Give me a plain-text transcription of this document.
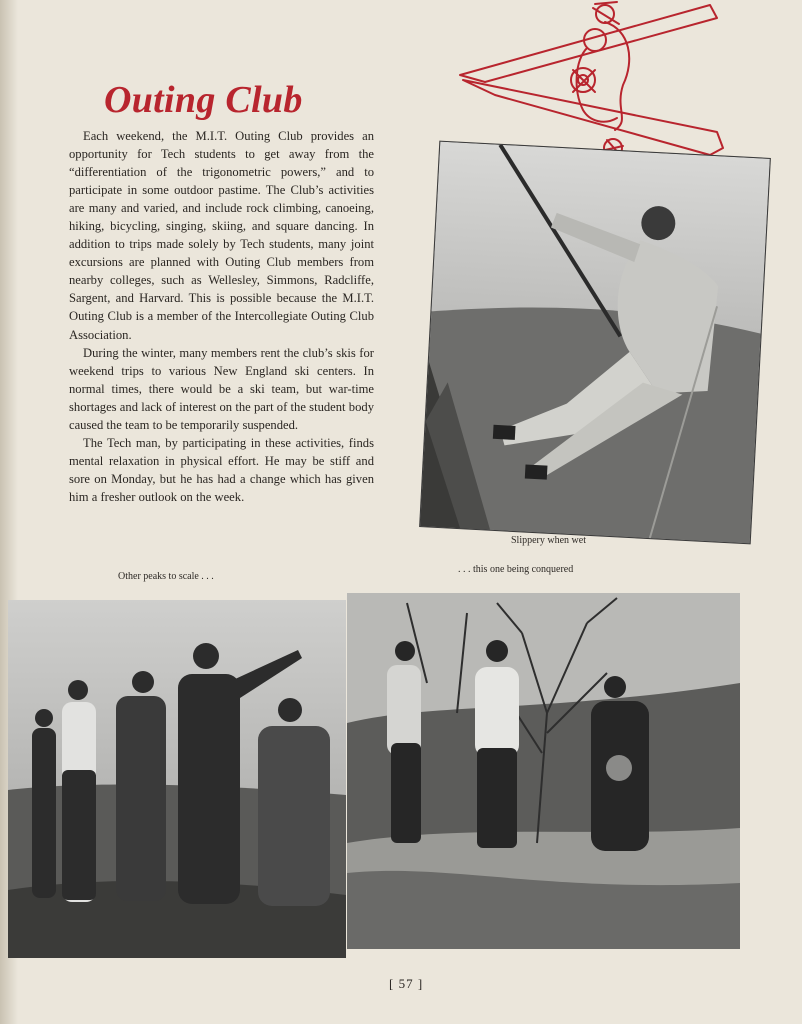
Outing Club

Each weekend, the M.I.T. Outing Club provides an opportunity for Tech students to get away from the “differentiation of the trigonometric powers,” and to participate in some outdoor pastime. The Club’s activities are many and varied, and include rock climbing, canoeing, hiking, bicycling, singing, skiing, and square dancing. In addition to trips made solely by Tech students, many joint excursions are planned with Outing Club members from nearby colleges, such as Wellesley, Simmons, Radcliffe, Sargent, and Harvard. This is possible because the M.I.T. Outing Club is a member of the Intercollegiate Outing Club Association.

During the winter, many members rent the club’s skis for weekend trips to various New England ski centers. In normal times, there would be a ski team, but war-time shortages and lack of interest on the part of the student body caused the team to be temporarily suspended.

The Tech man, by participating in these activities, finds mental relaxation in physical effort. He may be stiff and sore on Monday, but he has had a change which has given him a fresher outlook on the week.

Slippery when wet
Other peaks to scale . . .
. . . this one being conquered
[ 57 ]
